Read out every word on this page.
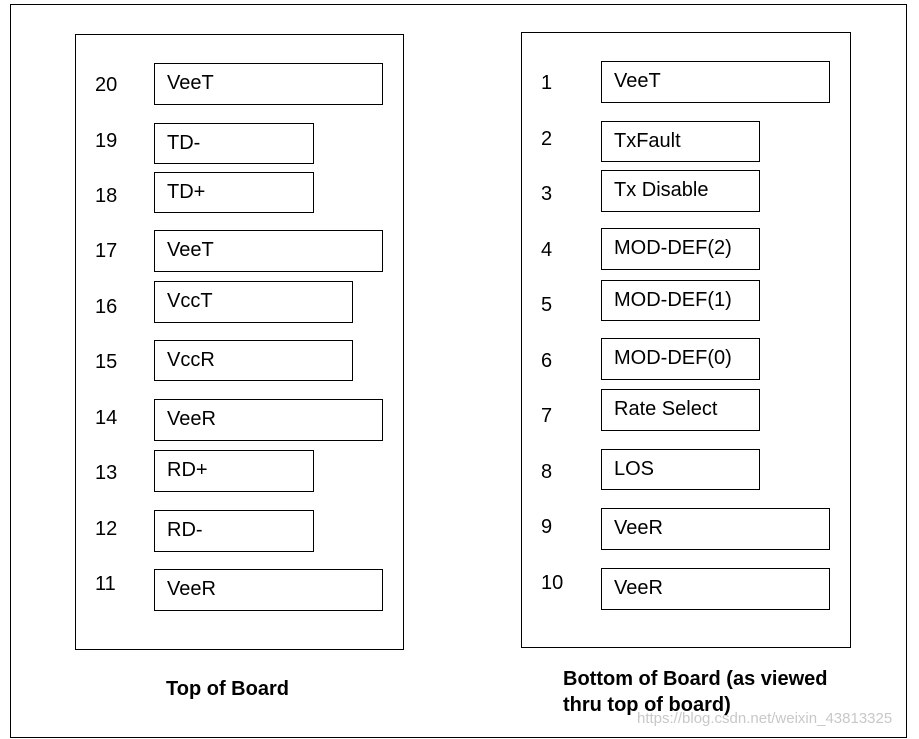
20	VeeT
19	TD-
18	TD+
17	VeeT
16	VccT
15	VccR
14	VeeR
13	RD+
12	RD-
11	VeeR
1	VeeT
2	TxFault
3	Tx Disable
4	MOD-DEF(2)
5	MOD-DEF(1)
6	MOD-DEF(0)
7	Rate Select
8	LOS
9	VeeR
10	VeeR
Top of Board	Bottom of Board (as viewed thru top of board)
https://blog.csdn.net/weixin_43813325
